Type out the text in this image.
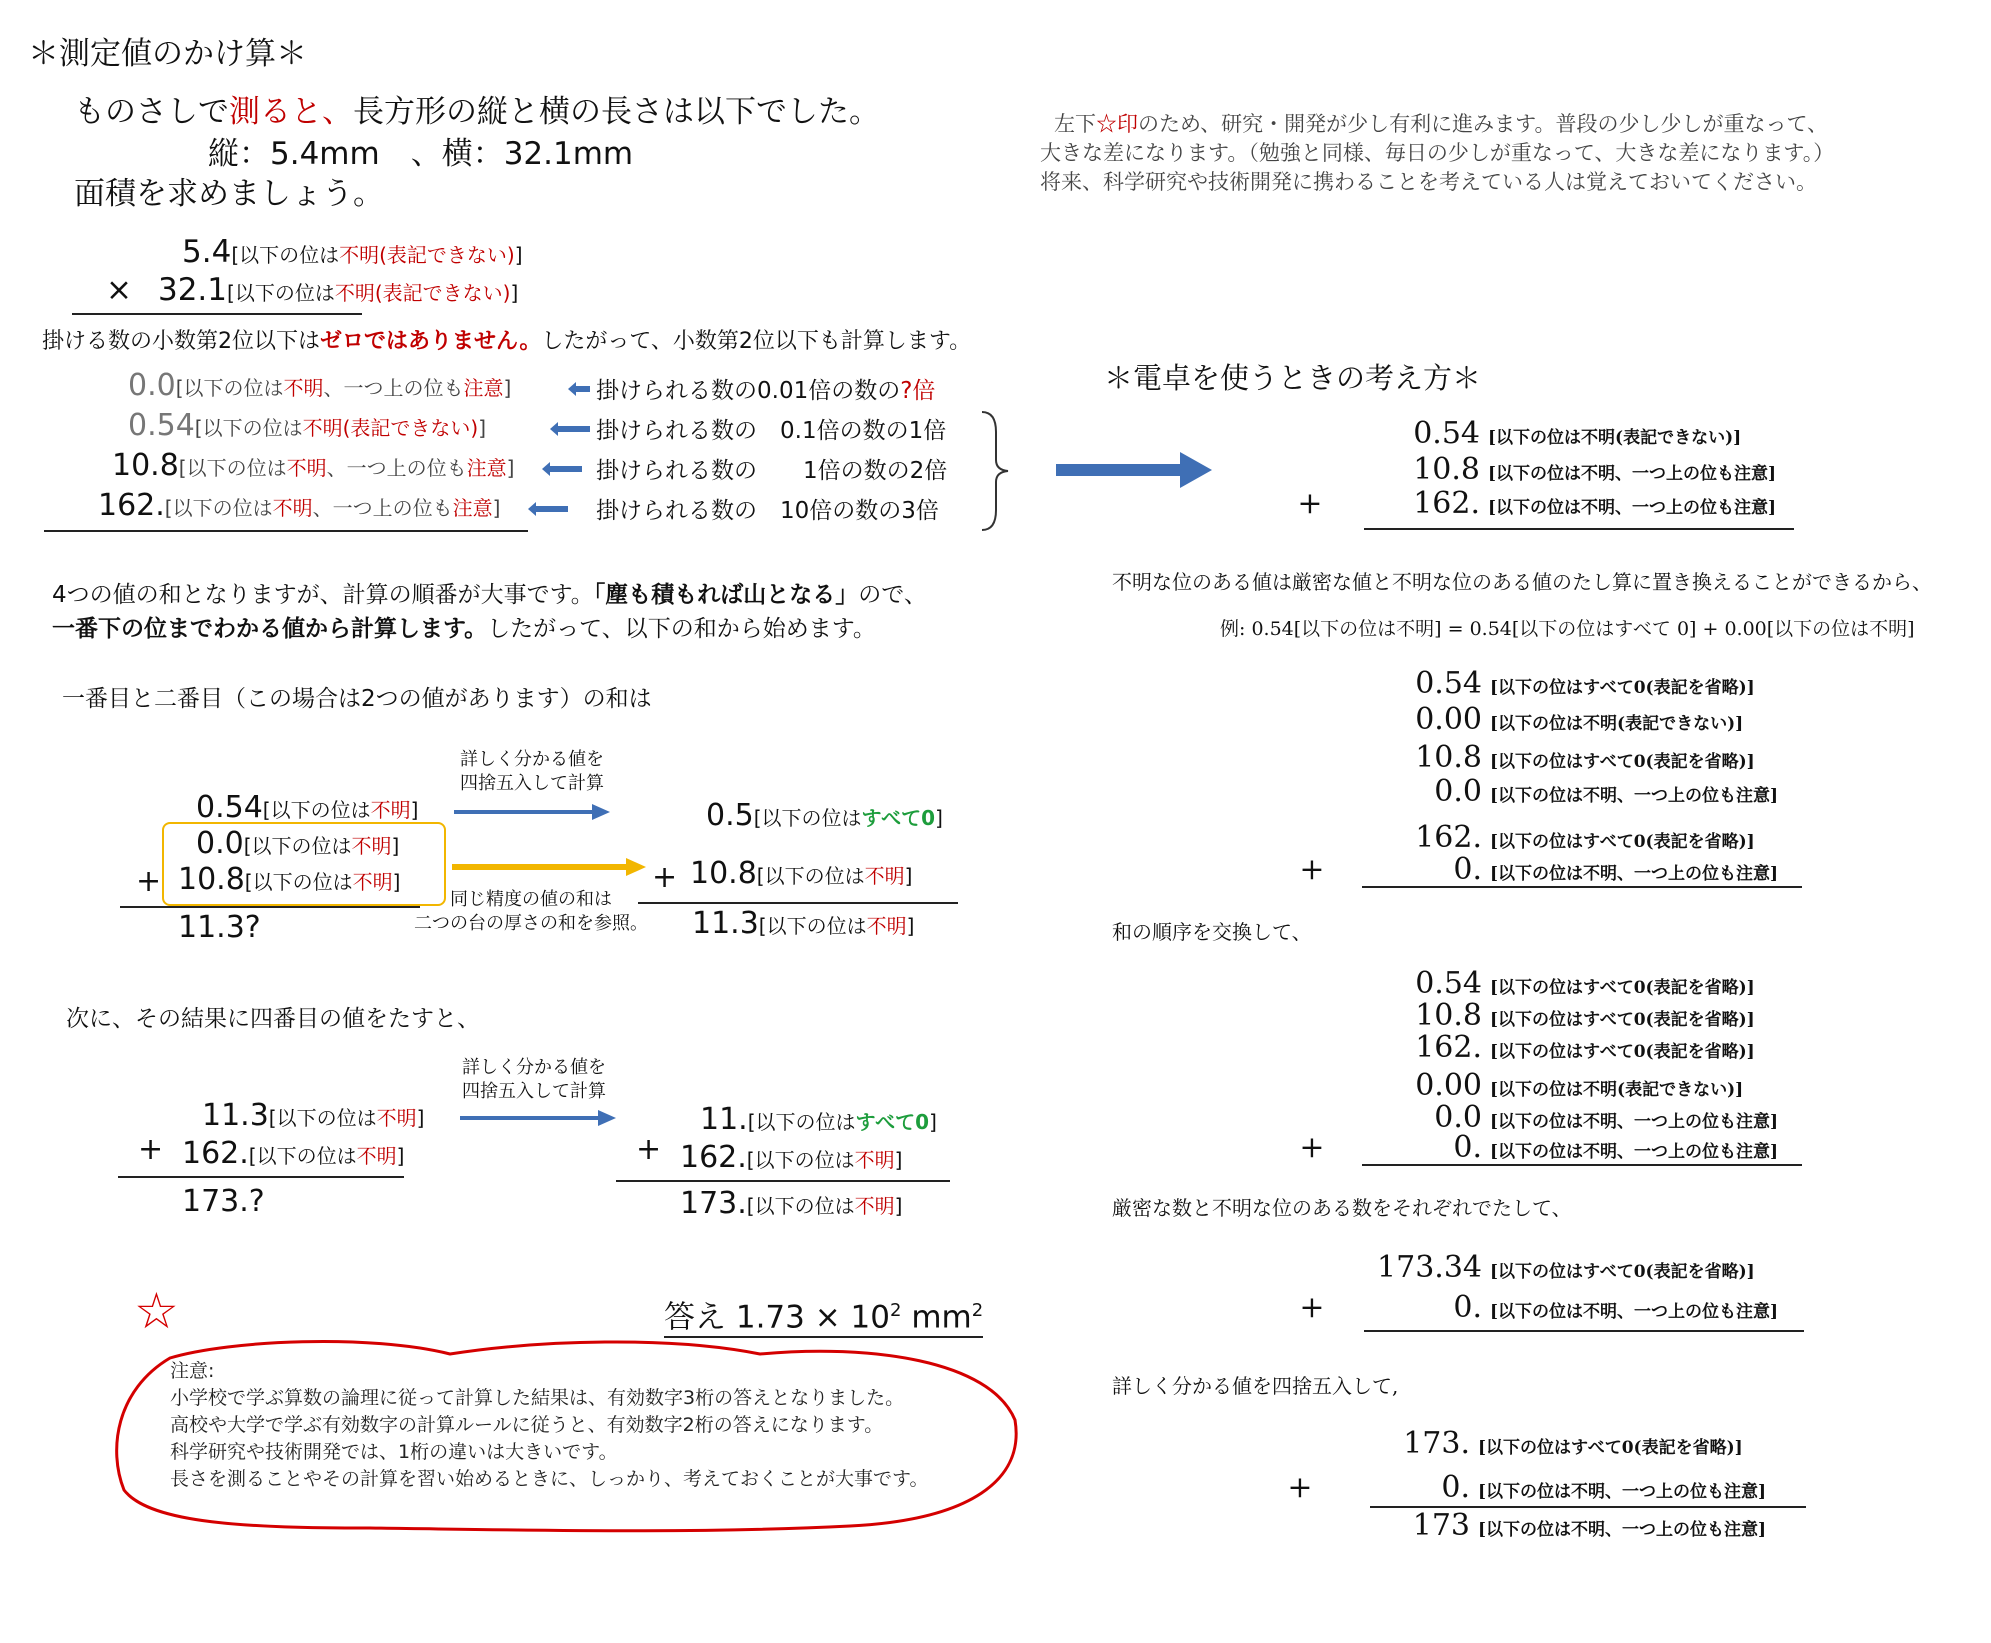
＊測定値のかけ算＊
ものさしで測ると、長方形の縦と横の長さは以下でした。
縦：5.4mm　、横：32.1mm
面積を求めましょう。
5.4[以下の位は不明(表記できない)]
× 32.1[以下の位は不明(表記できない)]
掛ける数の小数第2位以下はゼロではありません。したがって、小数第2位以下も計算します。
0.0[以下の位は不明、一つ上の位も注意]	掛けられる数の0.01倍の数の?倍
0.54[以下の位は不明(表記できない)]	掛けられる数の　0.1倍の数の1倍
10.8[以下の位は不明、一つ上の位も注意]	掛けられる数の　　1倍の数の2倍
162.[以下の位は不明、一つ上の位も注意]	掛けられる数の　10倍の数の3倍
4つの値の和となりますが、計算の順番が大事です。「塵も積もれば山となる」ので、
一番下の位までわかる値から計算します。したがって、以下の和から始めます。
一番目と二番目（この場合は2つの値があります）の和は
詳しく分かる値を
四捨五入して計算
同じ精度の値の和は
二つの台の厚さの和を参照。
0.54[以下の位は不明]
0.0[以下の位は不明]
10.8[以下の位は不明]
+
11.3?
0.5[以下の位はすべて0]
10.8[以下の位は不明]
+
11.3[以下の位は不明]
次に、その結果に四番目の値をたすと、
詳しく分かる値を
四捨五入して計算
11.3[以下の位は不明]
162.[以下の位は不明]
+
173.?
11.[以下の位はすべて0]
162.[以下の位は不明]
+
173.[以下の位は不明]
答え $1.73 \times 10^2$ $mm^2$
☆
注意:
小学校で学ぶ算数の論理に従って計算した結果は、有効数字3桁の答えとなりました。
高校や大学で学ぶ有効数字の計算ルールに従うと、有効数字2桁の答えになります。
科学研究や技術開発では、1桁の違いは大きいです。
長さを測ることやその計算を習い始めるときに、しっかり、考えておくことが大事です。
左下☆印のため、研究・開発が少し有利に進みます。普段の少し少しが重なって、
大きな差になります。（勉強と同様、毎日の少しが重なって、大きな差になります。）
将来、科学研究や技術開発に携わることを考えている人は覚えておいてください。
＊電卓を使うときの考え方＊
0.54 [以下の位は不明(表記できない)]
10.8 [以下の位は不明、一つ上の位も注意]
+	162. [以下の位は不明、一つ上の位も注意]
0.54 [以下の位はすべて0(表記を省略)]
0.00 [以下の位は不明(表記できない)]
10.8 [以下の位はすべて0(表記を省略)]
0.0 [以下の位は不明、一つ上の位も注意]
162. [以下の位はすべて0(表記を省略)]
+	0. [以下の位は不明、一つ上の位も注意]
0.54 [以下の位はすべて0(表記を省略)]
10.8 [以下の位はすべて0(表記を省略)]
162. [以下の位はすべて0(表記を省略)]
0.00 [以下の位は不明(表記できない)]
0.0 [以下の位は不明、一つ上の位も注意]
+	0. [以下の位は不明、一つ上の位も注意]
173.34 [以下の位はすべて0(表記を省略)]
+	0. [以下の位は不明、一つ上の位も注意]
173. [以下の位はすべて0(表記を省略)]
+	0. [以下の位は不明、一つ上の位も注意]
173 [以下の位は不明、一つ上の位も注意]
不明な位のある値は厳密な値と不明な位のある値のたし算に置き換えることができるから、
例: 0.54[以下の位は不明] = 0.54[以下の位はすべて 0] + 0.00[以下の位は不明]
和の順序を交換して、
厳密な数と不明な位のある数をそれぞれでたして、
詳しく分かる値を四捨五入して,
